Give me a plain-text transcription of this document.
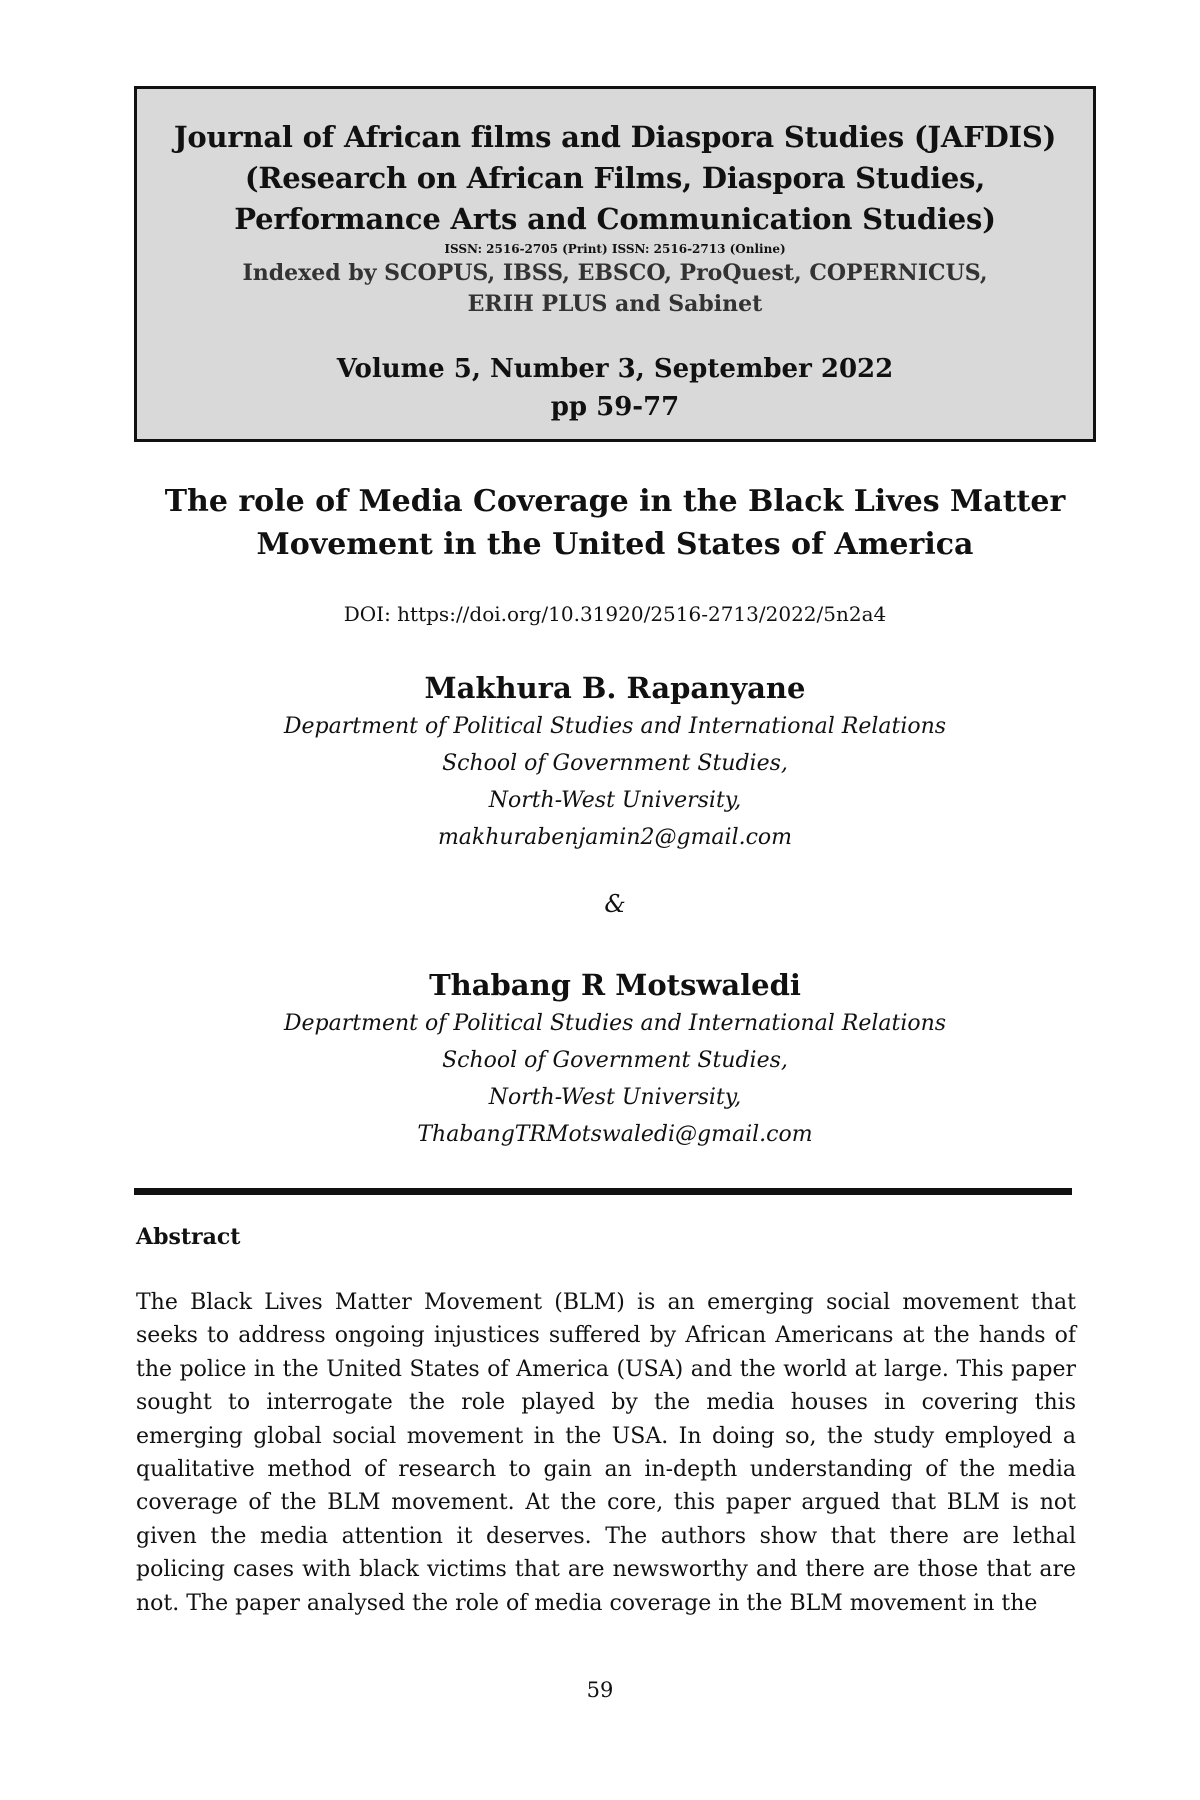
Journal of African films and Diaspora Studies (JAFDIS)
(Research on African Films, Diaspora Studies,
Performance Arts and Communication Studies)
ISSN: 2516-2705 (Print) ISSN: 2516-2713 (Online)
Indexed by SCOPUS, IBSS, EBSCO, ProQuest, COPERNICUS,
ERIH PLUS and Sabinet
Volume 5, Number 3, September 2022
pp 59-77
The role of Media Coverage in the Black Lives Matter
Movement in the United States of America
DOI: https://doi.org/10.31920/2516-2713/2022/5n2a4
Makhura B. Rapanyane
Department of Political Studies and International Relations
School of Government Studies,
North-West University,
makhurabenjamin2@gmail.com
&
Thabang R Motswaledi
Department of Political Studies and International Relations
School of Government Studies,
North-West University,
ThabangTRMotswaledi@gmail.com
Abstract
The Black Lives Matter Movement (BLM) is an emerging social movement that seeks to address ongoing injustices suffered by African Americans at the hands of the police in the United States of America (USA) and the world at large. This paper sought to interrogate the role played by the media houses in covering this emerging global social movement in the USA. In doing so, the study employed a qualitative method of research to gain an in-depth understanding of the media coverage of the BLM movement. At the core, this paper argued that BLM is not given the media attention it deserves. The authors show that there are lethal policing cases with black victims that are newsworthy and there are those that are not. The paper analysed the role of media coverage in the BLM movement in the
59
